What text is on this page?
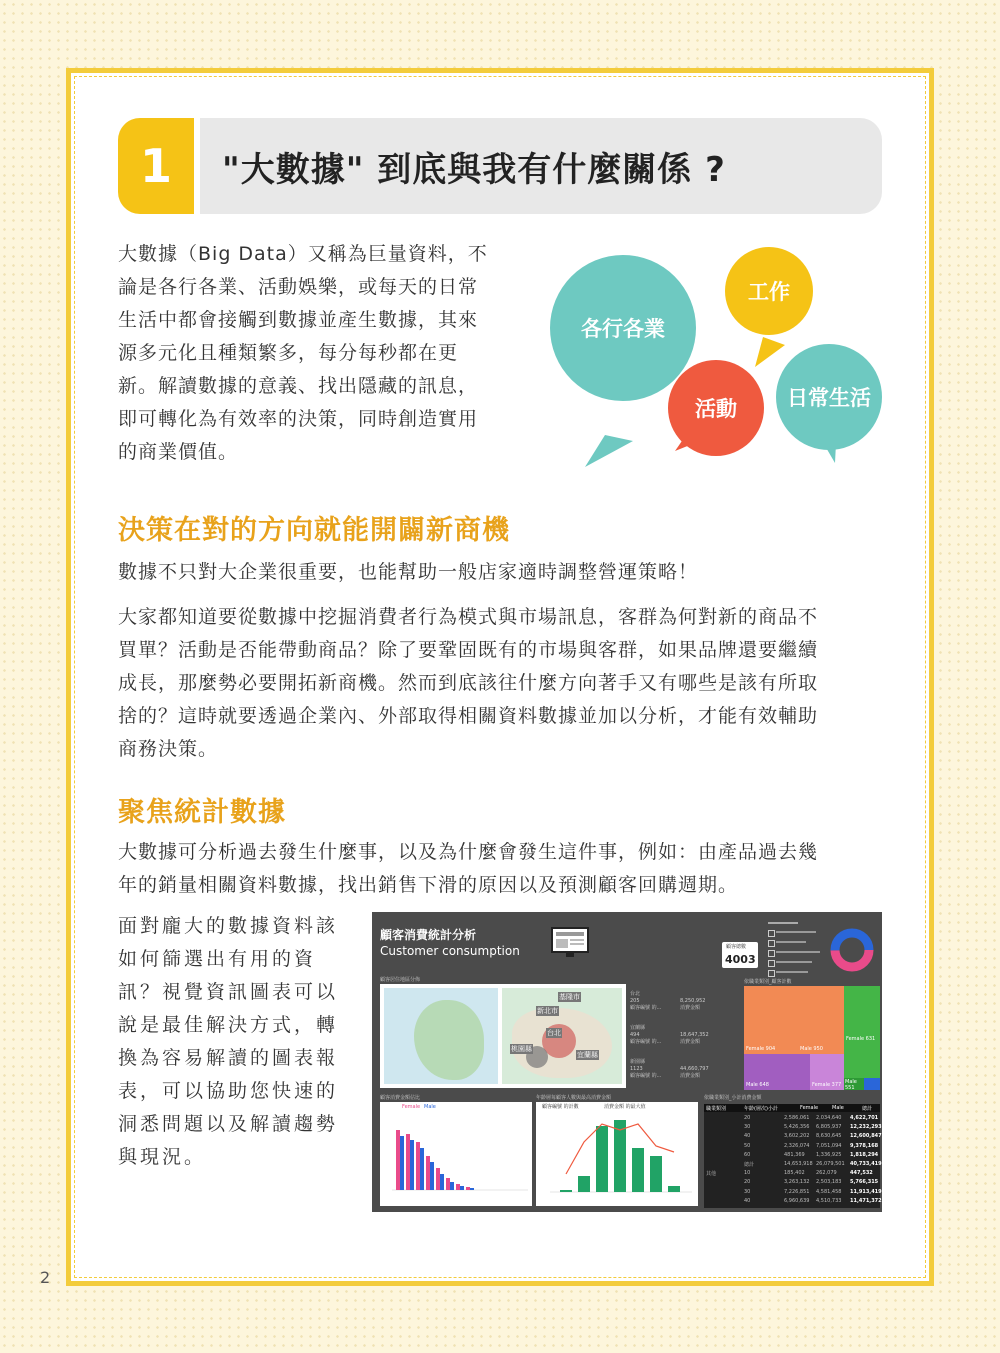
2
1	"大數據" 到底與我有什麼關係 ?
大數據（Big Data）又稱為巨量資料，不
論是各行各業、活動娛樂，或每天的日常
生活中都會接觸到數據並產生數據，其來
源多元化且種類繁多，每分每秒都在更
新。解讀數據的意義、找出隱藏的訊息，
即可轉化為有效率的決策，同時創造實用
的商業價值。
各行各業
工作
活動	日常生活
決策在對的方向就能開闢新商機
數據不只對大企業很重要，也能幫助一般店家適時調整營運策略！
大家都知道要從數據中挖掘消費者行為模式與市場訊息，客群為何對新的商品不
買單？活動是否能帶動商品？除了要鞏固既有的市場與客群，如果品牌還要繼續
成長，那麼勢必要開拓新商機。然而到底該往什麼方向著手又有哪些是該有所取
捨的？這時就要透過企業內、外部取得相關資料數據並加以分析，才能有效輔助
商務決策。
聚焦統計數據
大數據可分析過去發生什麼事，以及為什麼會發生這件事，例如：由產品過去幾
年的銷量相關資料數據，找出銷售下滑的原因以及預測顧客回購週期。
面對龐大的數據資料該
如何篩選出有用的資
訊？視覺資訊圖表可以
說是最佳解決方式，轉
換為容易解讀的圖表報
表，可以協助您快速的
洞悉問題以及解讀趨勢
與現況。
顧客消費統計分析
Customer consumption	顧客總數
4003
顧客居住地區分佈
基隆市
新北市
台北
桃園縣
宜蘭縣
台北
205	8,250,952
顧客編號 的...	消費金額
宜蘭縣
494	18,647,352
顧客編號 的...	消費金額
新園縣
1123	44,660,797
顧客編號 的...	消費金額
依職業類別_顧客計數
Female 904	Male 950
Female 631
Male 648	Female 377 Male 551
顧客消費金額佔比
Female Male
年齡層每顧客人數與最高消費金額
顧客編號 的計數	消費金額 的最大值
依職業類別_小計消費金額
職業類別	年齡(層次)小計	Female	Male	總計
20	2,586,061 2,034,640 4,622,701
30	5,426,356 6,805,937 12,232,293
40	3,602,202 8,630,645 12,600,847
50	2,326,074 7,051,094 9,378,168
60	481,369 1,336,925 1,818,294
總計	14,653,918 26,079,501 40,733,419
其他	10	185,402 262,079	447,532
20	3,263,132 2,503,183 5,766,315
30	7,226,851 4,581,458 11,913,419
40	6,960,639 4,510,733 11,471,372
